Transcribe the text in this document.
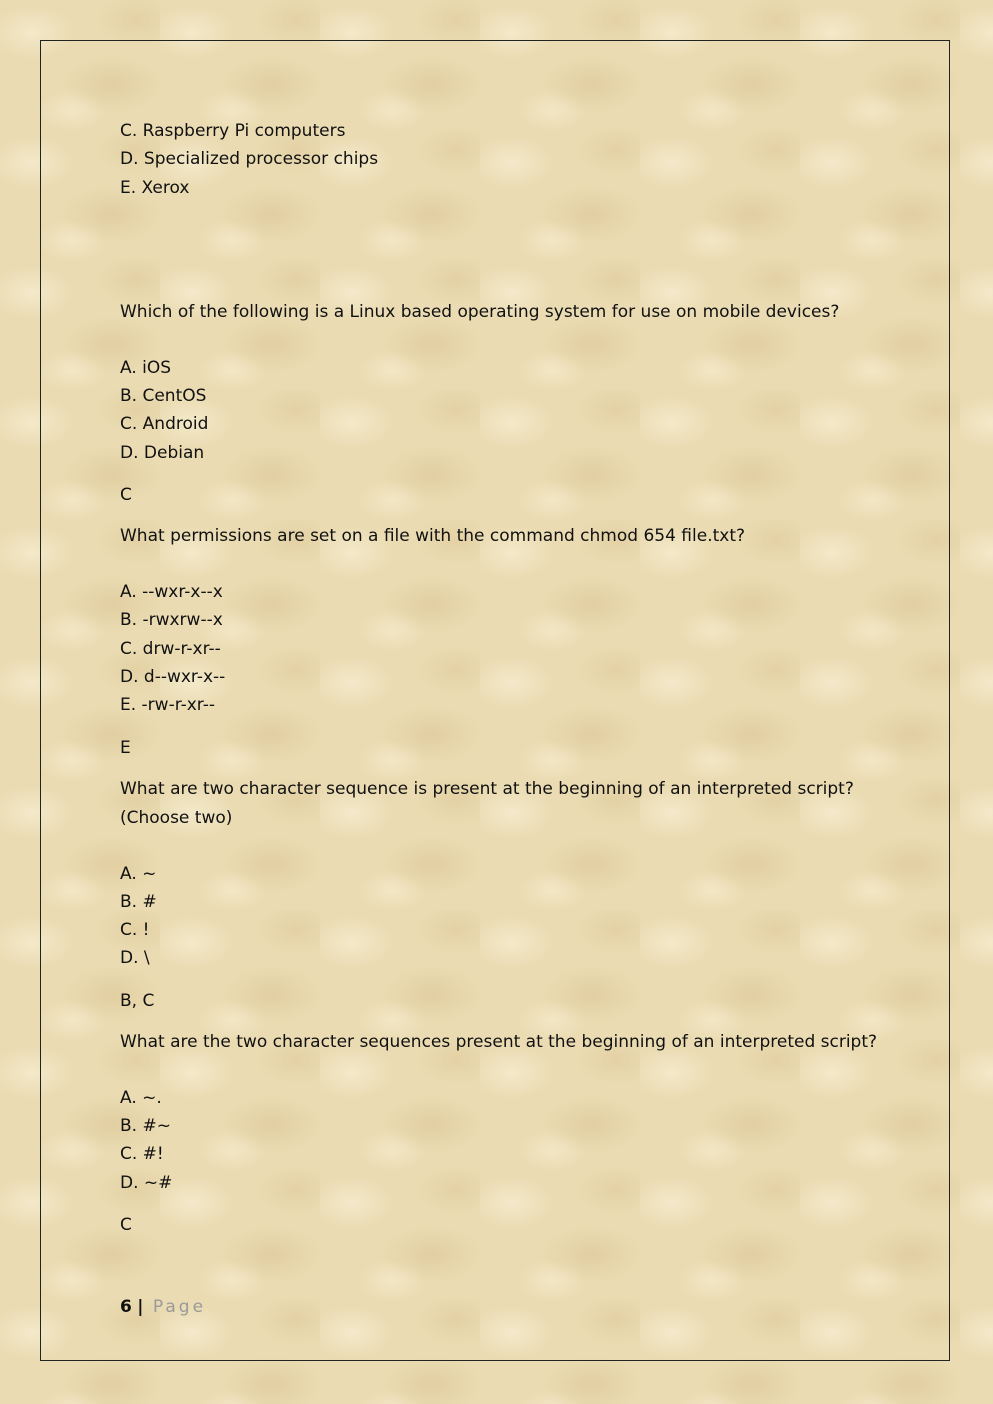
C. Raspberry Pi computers

D. Specialized processor chips

E. Xerox

Which of the following is a Linux based operating system for use on mobile devices?

A. iOS

B. CentOS

C. Android

D. Debian

C

What permissions are set on a file with the command chmod 654 file.txt?

A. --wxr-x--x

B. -rwxrw--x

C. drw-r-xr--

D. d--wxr-x--

E. -rw-r-xr--

E

What are two character sequence is present at the beginning of an interpreted script?

(Choose two)

A. ~

B. #

C. !

D. \

B, C

What are the two character sequences present at the beginning of an interpreted script?

A. ~.

B. #~

C. #!

D. ~#

C

6 | Page
